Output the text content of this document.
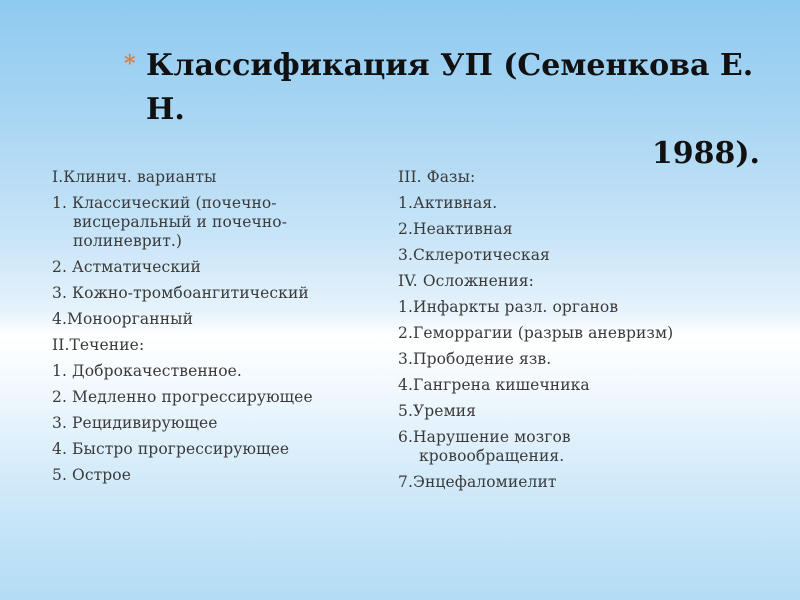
* Классификация УП (Семенкова Е. Н.
1988).
I.Клинич. варианты
1. Классический (почечно-
висцеральный и почечно-
полиневрит.)
2. Астматический
3. Кожно-тромбоангитический
4.Моноорганный
II.Течение:
1. Доброкачественное.
2. Медленно прогрессирующее
3. Рецидивирующее
4. Быстро прогрессирующее
5. Острое
III. Фазы:
1.Активная.
2.Неактивная
3.Склеротическая
IV. Осложнения:
1.Инфаркты разл. органов
2.Геморрагии (разрыв аневризм)
3.Прободение язв.
4.Гангрена кишечника
5.Уремия
6.Нарушение мозгов
кровообращения.
7.Энцефаломиелит
